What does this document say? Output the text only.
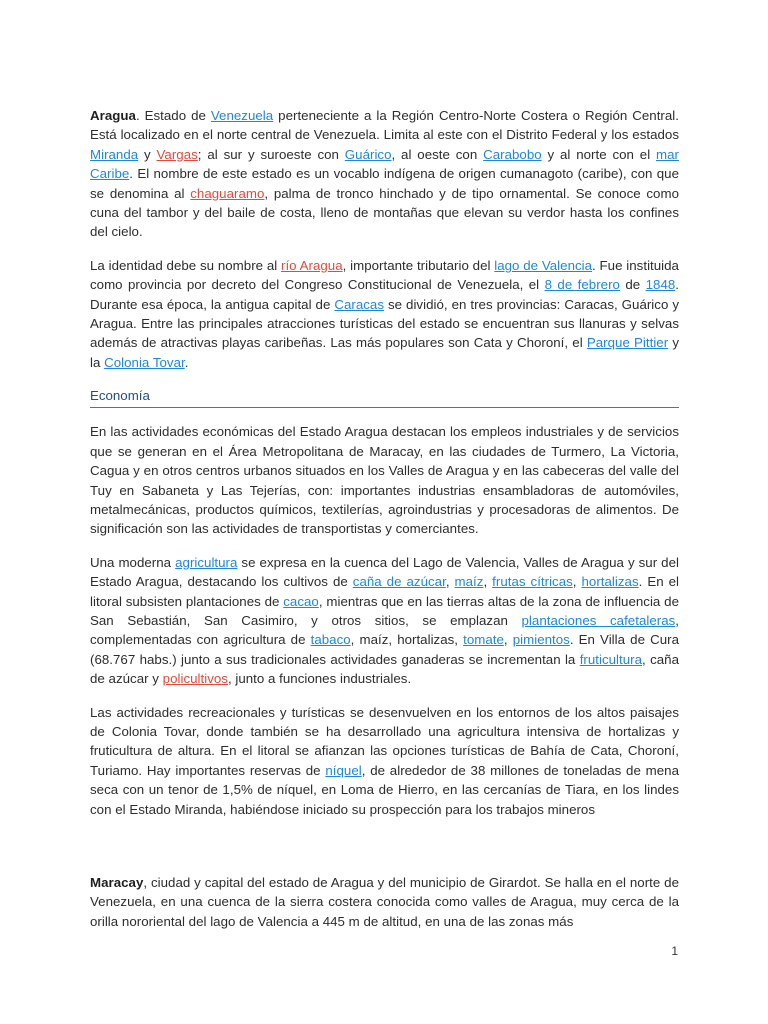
Aragua. Estado de Venezuela perteneciente a la Región Centro-Norte Costera o Región Central. Está localizado en el norte central de Venezuela. Limita al este con el Distrito Federal y los estados Miranda y Vargas; al sur y suroeste con Guárico, al oeste con Carabobo y al norte con el mar Caribe. El nombre de este estado es un vocablo indígena de origen cumanagoto (caribe), con que se denomina al chaguaramo, palma de tronco hinchado y de tipo ornamental. Se conoce como cuna del tambor y del baile de costa, lleno de montañas que elevan su verdor hasta los confines del cielo.

La identidad debe su nombre al río Aragua, importante tributario del lago de Valencia. Fue instituida como provincia por decreto del Congreso Constitucional de Venezuela, el 8 de febrero de 1848. Durante esa época, la antigua capital de Caracas se dividió, en tres provincias: Caracas, Guárico y Aragua. Entre las principales atracciones turísticas del estado se encuentran sus llanuras y selvas además de atractivas playas caribeñas. Las más populares son Cata y Choroní, el Parque Pittier y la Colonia Tovar.

Economía

En las actividades económicas del Estado Aragua destacan los empleos industriales y de servicios que se generan en el Área Metropolitana de Maracay, en las ciudades de Turmero, La Victoria, Cagua y en otros centros urbanos situados en los Valles de Aragua y en las cabeceras del valle del Tuy en Sabaneta y Las Tejerías, con: importantes industrias ensambladoras de automóviles, metalmecánicas, productos químicos, textilerías, agroindustrias y procesadoras de alimentos. De significación son las actividades de transportistas y comerciantes.

Una moderna agricultura se expresa en la cuenca del Lago de Valencia, Valles de Aragua y sur del Estado Aragua, destacando los cultivos de caña de azúcar, maíz, frutas cítricas, hortalizas. En el litoral subsisten plantaciones de cacao, mientras que en las tierras altas de la zona de influencia de San Sebastián, San Casimiro, y otros sitios, se emplazan plantaciones cafetaleras, complementadas con agricultura de tabaco, maíz, hortalizas, tomate, pimientos. En Villa de Cura (68.767 habs.) junto a sus tradicionales actividades ganaderas se incrementan la fruticultura, caña de azúcar y policultivos, junto a funciones industriales.

Las actividades recreacionales y turísticas se desenvuelven en los entornos de los altos paisajes de Colonia Tovar, donde también se ha desarrollado una agricultura intensiva de hortalizas y fruticultura de altura. En el litoral se afianzan las opciones turísticas de Bahía de Cata, Choroní, Turiamo. Hay importantes reservas de níquel, de alrededor de 38 millones de toneladas de mena seca con un tenor de 1,5% de níquel, en Loma de Hierro, en las cercanías de Tiara, en los lindes con el Estado Miranda, habiéndose iniciado su prospección para los trabajos mineros

Maracay, ciudad y capital del estado de Aragua y del municipio de Girardot. Se halla en el norte de Venezuela, en una cuenca de la sierra costera conocida como valles de Aragua, muy cerca de la orilla nororiental del lago de Valencia a 445 m de altitud, en una de las zonas más

1
